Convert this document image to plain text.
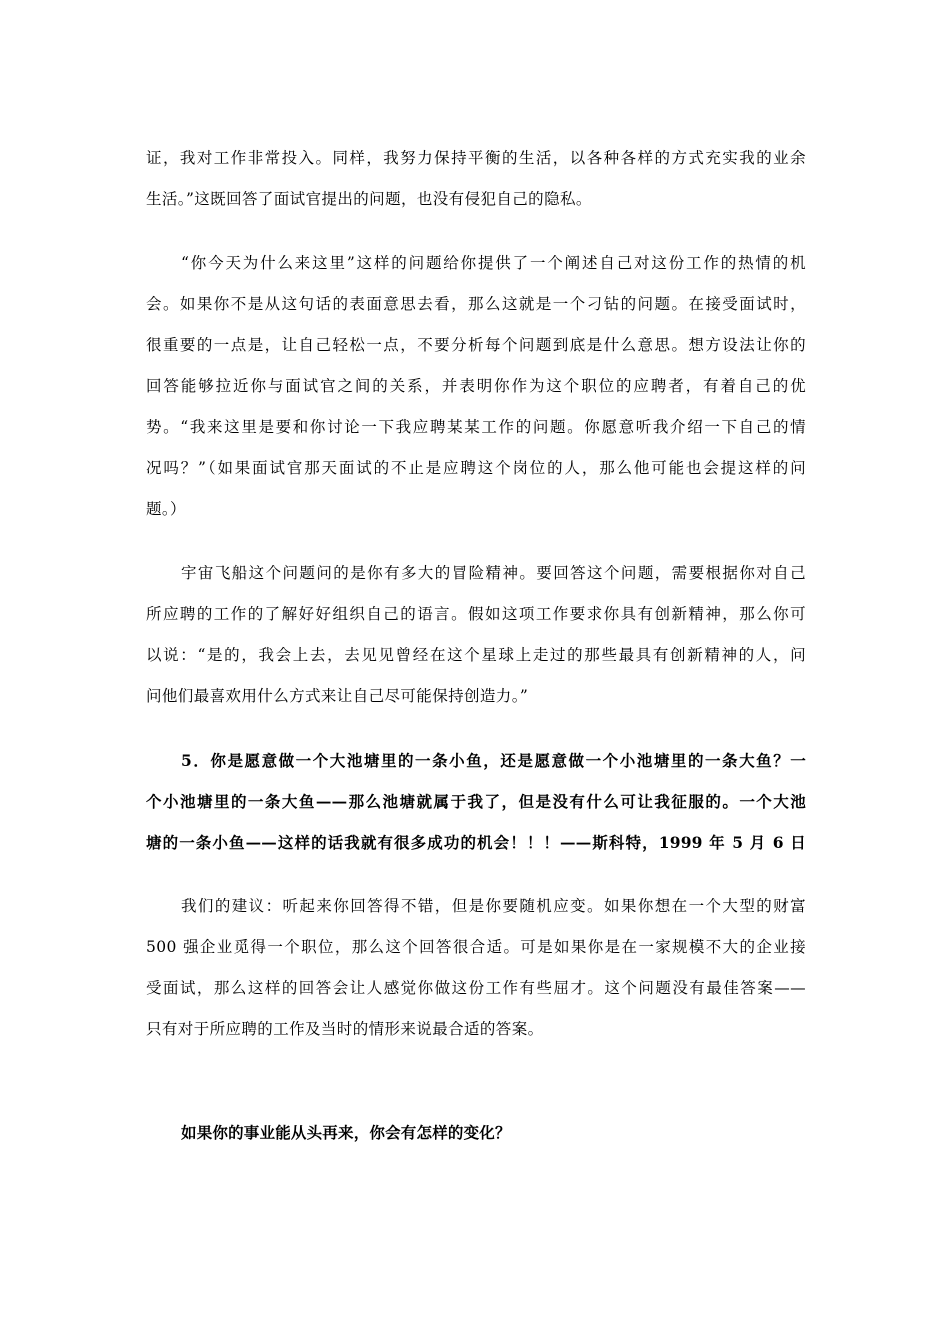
证，我对工作非常投入。同样，我努力保持平衡的生活，以各种各样的方式充实我的业余
生活。”这既回答了面试官提出的问题，也没有侵犯自己的隐私。
“你今天为什么来这里”这样的问题给你提供了一个阐述自己对这份工作的热情的机
会。如果你不是从这句话的表面意思去看，那么这就是一个刁钻的问题。在接受面试时，
很重要的一点是，让自己轻松一点，不要分析每个问题到底是什么意思。想方设法让你的
回答能够拉近你与面试官之间的关系，并表明你作为这个职位的应聘者，有着自己的优
势。“我来这里是要和你讨论一下我应聘某某工作的问题。你愿意听我介绍一下自己的情
况吗？”（如果面试官那天面试的不止是应聘这个岗位的人，那么他可能也会提这样的问
题。）
宇宙飞船这个问题问的是你有多大的冒险精神。要回答这个问题，需要根据你对自己
所应聘的工作的了解好好组织自己的语言。假如这项工作要求你具有创新精神，那么你可
以说：“是的，我会上去，去见见曾经在这个星球上走过的那些最具有创新精神的人，问
问他们最喜欢用什么方式来让自己尽可能保持创造力。”
5．你是愿意做一个大池塘里的一条小鱼，还是愿意做一个小池塘里的一条大鱼？一
个小池塘里的一条大鱼——那么池塘就属于我了，但是没有什么可让我征服的。一个大池
塘的一条小鱼——这样的话我就有很多成功的机会！！！——斯科特，1999 年 5 月 6 日
我们的建议：听起来你回答得不错，但是你要随机应变。如果你想在一个大型的财富
500 强企业觅得一个职位，那么这个回答很合适。可是如果你是在一家规模不大的企业接
受面试，那么这样的回答会让人感觉你做这份工作有些屈才。这个问题没有最佳答案——
只有对于所应聘的工作及当时的情形来说最合适的答案。
如果你的事业能从头再来，你会有怎样的变化？
